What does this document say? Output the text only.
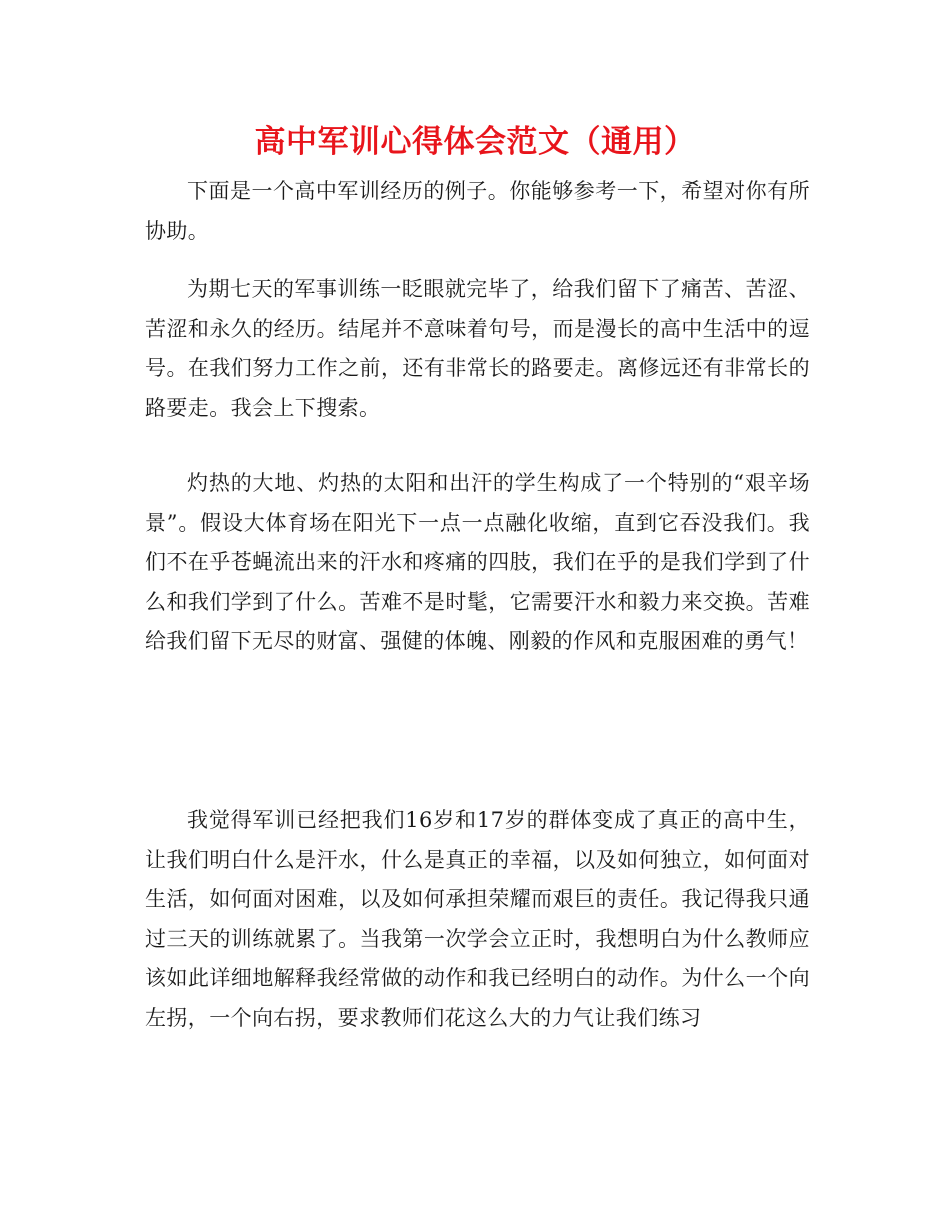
高中军训心得体会范文（通用）

下面是一个高中军训经历的例子。你能够参考一下，希望对你有所协助。

为期七天的军事训练一眨眼就完毕了，给我们留下了痛苦、苦涩、苦涩和永久的经历。结尾并不意味着句号，而是漫长的高中生活中的逗号。在我们努力工作之前，还有非常长的路要走。离修远还有非常长的路要走。我会上下搜索。

灼热的大地、灼热的太阳和出汗的学生构成了一个特别的“艰辛场景”。假设大体育场在阳光下一点一点融化收缩，直到它吞没我们。我们不在乎苍蝇流出来的汗水和疼痛的四肢，我们在乎的是我们学到了什么和我们学到了什么。苦难不是时髦，它需要汗水和毅力来交换。苦难给我们留下无尽的财富、强健的体魄、刚毅的作风和克服困难的勇气！

我觉得军训已经把我们16岁和17岁的群体变成了真正的高中生，让我们明白什么是汗水，什么是真正的幸福，以及如何独立，如何面对生活，如何面对困难，以及如何承担荣耀而艰巨的责任。我记得我只通过三天的训练就累了。当我第一次学会立正时，我想明白为什么教师应该如此详细地解释我经常做的动作和我已经明白的动作。为什么一个向左拐，一个向右拐，要求教师们花这么大的力气让我们练习
